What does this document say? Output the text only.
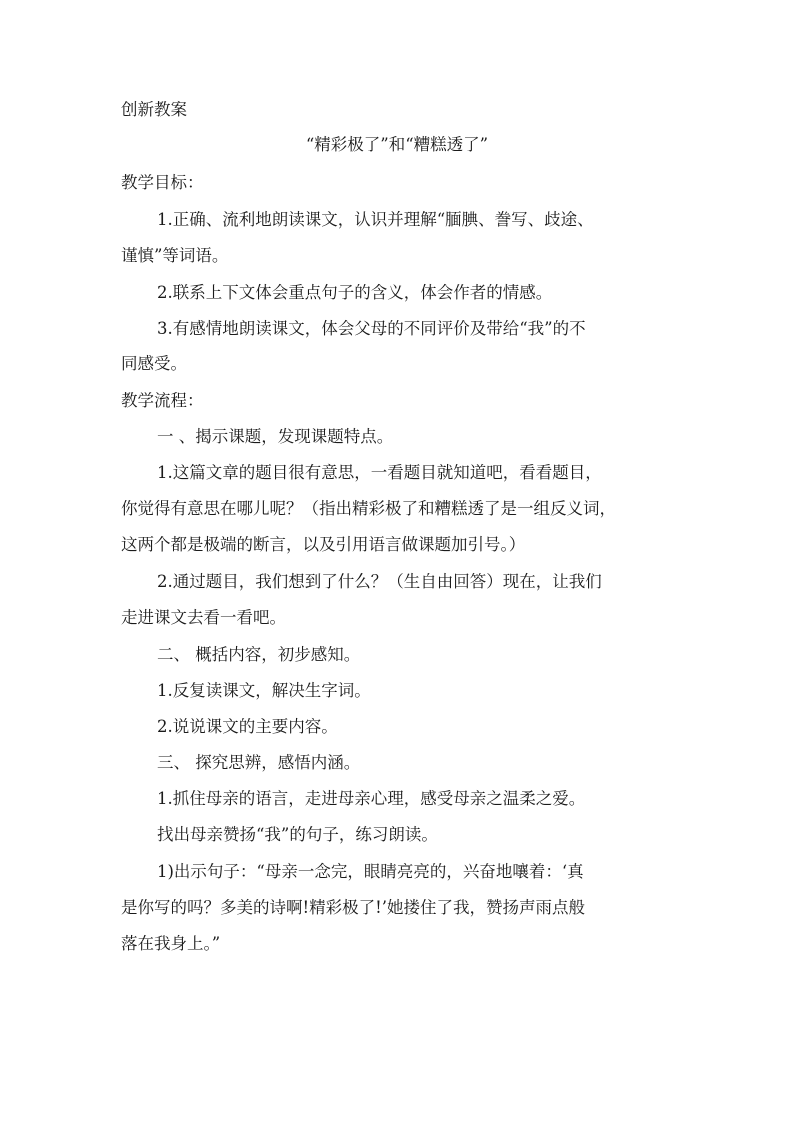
创新教案
“精彩极了”和“糟糕透了”
教学目标：
1.正确、流利地朗读课文，认识并理解“腼腆、誊写、歧途、
谨慎”等词语。
2.联系上下文体会重点句子的含义，体会作者的情感。
3.有感情地朗读课文，体会父母的不同评价及带给“我”的不
同感受。
教学流程：
一 、揭示课题，发现课题特点。
1.这篇文章的题目很有意思，一看题目就知道吧，看看题目，
你觉得有意思在哪儿呢？（指出精彩极了和糟糕透了是一组反义词，
这两个都是极端的断言，以及引用语言做课题加引号。）
2.通过题目，我们想到了什么？（生自由回答）现在，让我们
走进课文去看一看吧。
二、 概括内容，初步感知。
1.反复读课文，解决生字词。
2.说说课文的主要内容。
三、 探究思辨，感悟内涵。
1.抓住母亲的语言，走进母亲心理，感受母亲之温柔之爱。
找出母亲赞扬“我”的句子，练习朗读。
1)出示句子：“母亲一念完，眼睛亮亮的，兴奋地嚷着：‘真
是你写的吗？多美的诗啊!精彩极了!’她搂住了我，赞扬声雨点般
落在我身上。”
